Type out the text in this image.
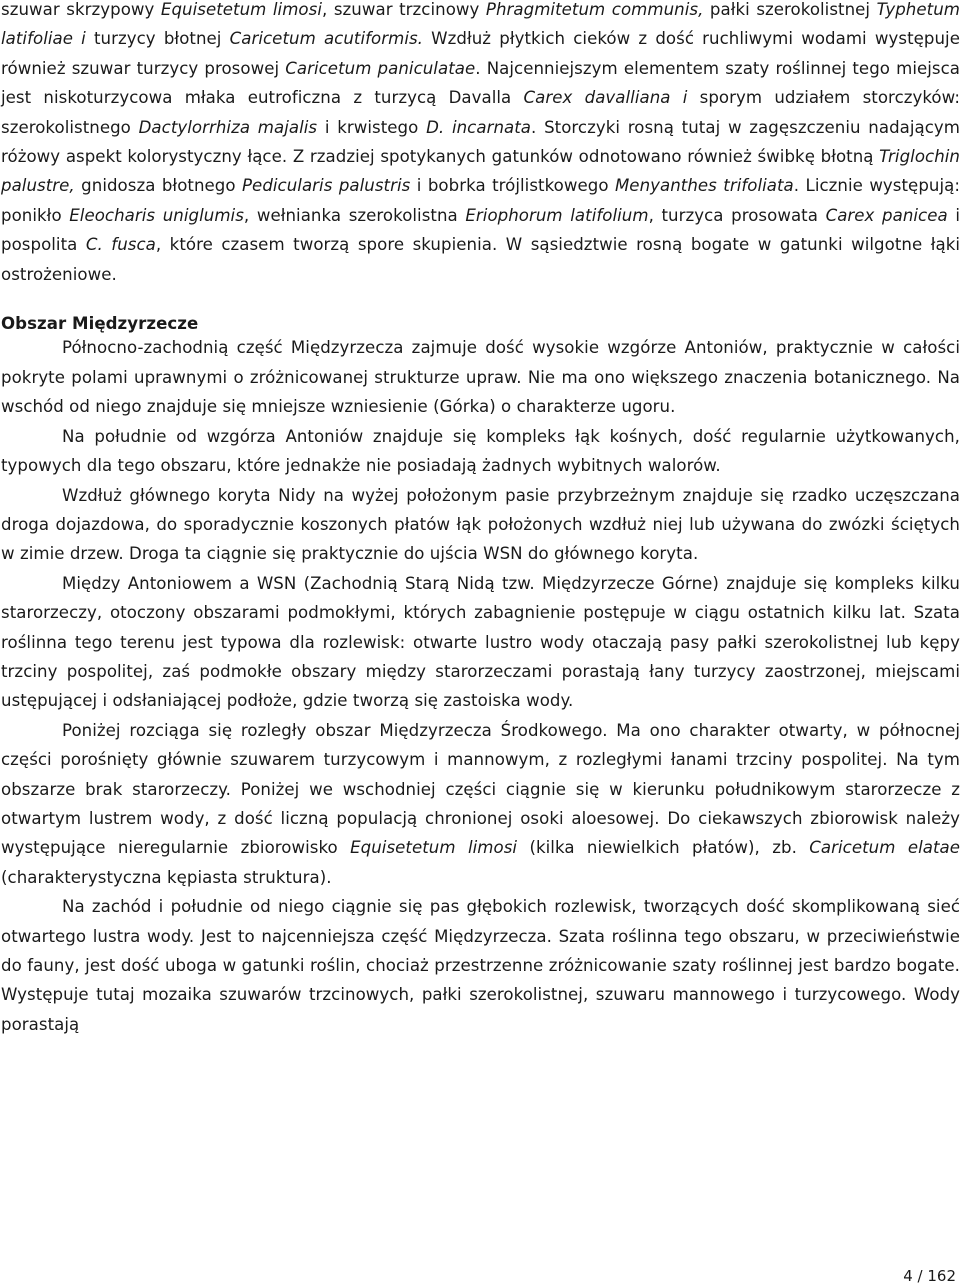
szuwar skrzypowy Equisetetum limosi, szuwar trzcinowy Phragmitetum communis, pałki szerokolistnej Typhetum latifoliae i turzycy błotnej Caricetum acutiformis. Wzdłuż płytkich cieków z dość ruchliwymi wodami występuje również szuwar turzycy prosowej Caricetum paniculatae. Najcenniejszym elementem szaty roślinnej tego miejsca jest niskoturzycowa młaka eutroficzna z turzycą Davalla Carex davalliana i sporym udziałem storczyków: szerokolistnego Dactylorrhiza majalis i krwistego D. incarnata. Storczyki rosną tutaj w zagęszczeniu nadającym różowy aspekt kolorystyczny łące. Z rzadziej spotykanych gatunków odnotowano również świbkę błotną Triglochin palustre, gnidosza błotnego Pedicularis palustris i bobrka trójlistkowego Menyanthes trifoliata. Licznie występują: ponikło Eleocharis uniglumis, wełnianka szerokolistna Eriophorum latifolium, turzyca prosowata Carex panicea i pospolita C. fusca, które czasem tworzą spore skupienia. W sąsiedztwie rosną bogate w gatunki wilgotne łąki ostrożeniowe.

Obszar Międzyrzecze

Północno-zachodnią część Międzyrzecza zajmuje dość wysokie wzgórze Antoniów, praktycznie w całości pokryte polami uprawnymi o zróżnicowanej strukturze upraw. Nie ma ono większego znaczenia botanicznego. Na wschód od niego znajduje się mniejsze wzniesienie (Górka) o charakterze ugoru.

Na południe od wzgórza Antoniów znajduje się kompleks łąk kośnych, dość regularnie użytkowanych, typowych dla tego obszaru, które jednakże nie posiadają żadnych wybitnych walorów.

Wzdłuż głównego koryta Nidy na wyżej położonym pasie przybrzeżnym znajduje się rzadko uczęszczana droga dojazdowa, do sporadycznie koszonych płatów łąk położonych wzdłuż niej lub używana do zwózki ściętych w zimie drzew. Droga ta ciągnie się praktycznie do ujścia WSN do głównego koryta.

Między Antoniowem a WSN (Zachodnią Starą Nidą tzw. Międzyrzecze Górne) znajduje się kompleks kilku starorzeczy, otoczony obszarami podmokłymi, których zabagnienie postępuje w ciągu ostatnich kilku lat. Szata roślinna tego terenu jest typowa dla rozlewisk: otwarte lustro wody otaczają pasy pałki szerokolistnej lub kępy trzciny pospolitej, zaś podmokłe obszary między starorzeczami porastają łany turzycy zaostrzonej, miejscami ustępującej i odsłaniającej podłoże, gdzie tworzą się zastoiska wody.

Poniżej rozciąga się rozległy obszar Międzyrzecza Środkowego. Ma ono charakter otwarty, w północnej części porośnięty głównie szuwarem turzycowym i mannowym, z rozległymi łanami trzciny pospolitej. Na tym obszarze brak starorzeczy. Poniżej we wschodniej części ciągnie się w kierunku południkowym starorzecze z otwartym lustrem wody, z dość liczną populacją chronionej osoki aloesowej. Do ciekawszych zbiorowisk należy występujące nieregularnie zbiorowisko Equisetetum limosi (kilka niewielkich płatów), zb. Caricetum elatae (charakterystyczna kępiasta struktura).

Na zachód i południe od niego ciągnie się pas głębokich rozlewisk, tworzących dość skomplikowaną sieć otwartego lustra wody. Jest to najcenniejsza część Międzyrzecza. Szata roślinna tego obszaru, w przeciwieństwie do fauny, jest dość uboga w gatunki roślin, chociaż przestrzenne zróżnicowanie szaty roślinnej jest bardzo bogate. Występuje tutaj mozaika szuwarów trzcinowych, pałki szerokolistnej, szuwaru mannowego i turzycowego. Wody porastają

4 / 162
